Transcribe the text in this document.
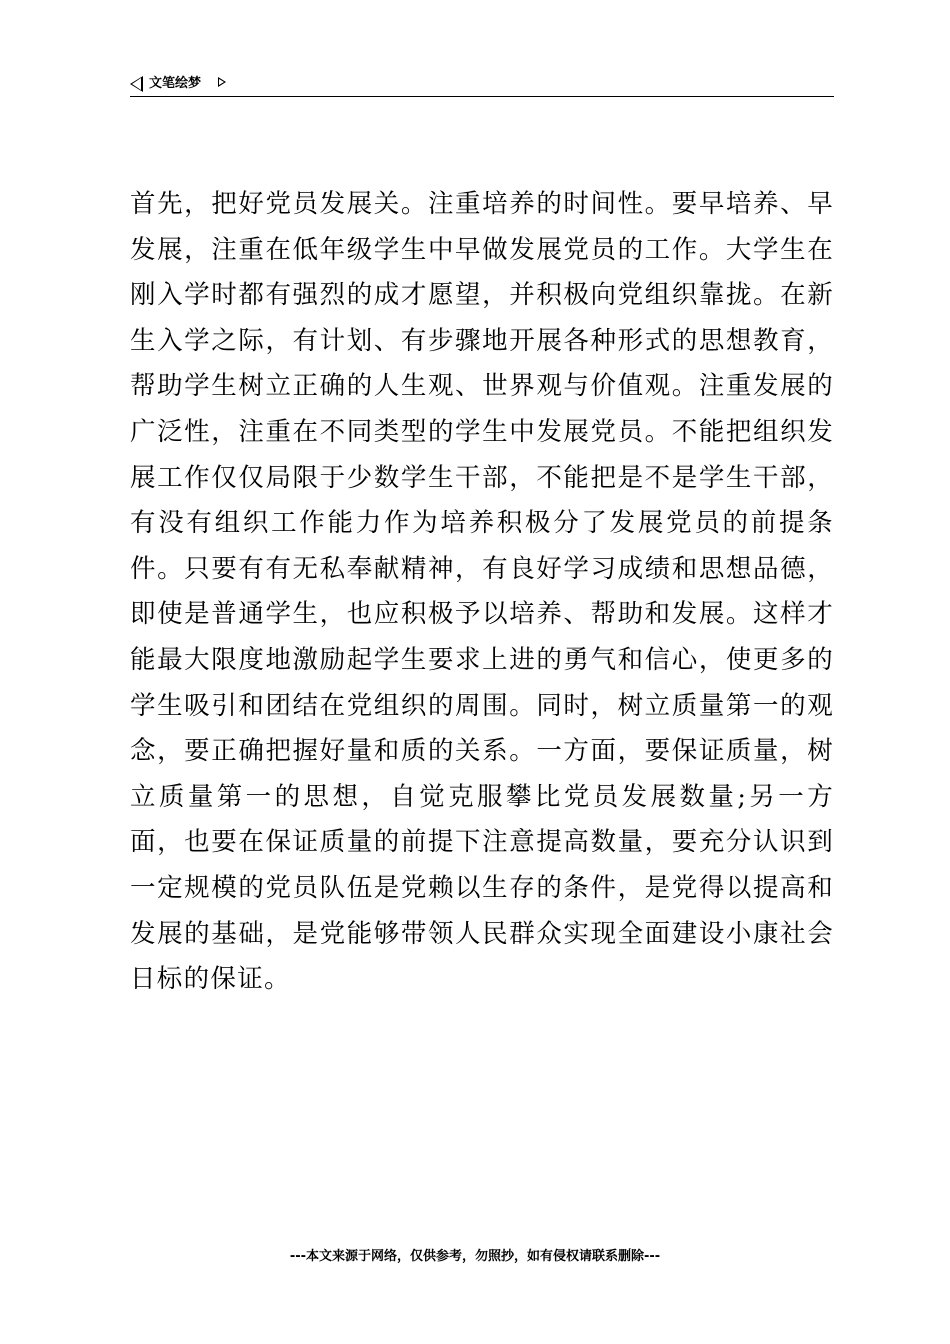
文笔绘梦

首先，把好党员发展关。注重培养的时间性。要早培养、早发展，注重在低年级学生中早做发展党员的工作。大学生在刚入学时都有强烈的成才愿望，并积极向党组织靠拢。在新生入学之际，有计划、有步骤地开展各种形式的思想教育，帮助学生树立正确的人生观、世界观与价值观。注重发展的广泛性，注重在不同类型的学生中发展党员。不能把组织发展工作仅仅局限于少数学生干部，不能把是不是学生干部，有没有组织工作能力作为培养积极分了发展党员的前提条件。只要有有无私奉献精神，有良好学习成绩和思想品德，即使是普通学生，也应积极予以培养、帮助和发展。这样才能最大限度地激励起学生要求上进的勇气和信心，使更多的学生吸引和团结在党组织的周围。同时，树立质量第一的观念，要正确把握好量和质的关系。一方面，要保证质量，树立质量第一的思想，自觉克服攀比党员发展数量;另一方面，也要在保证质量的前提下注意提高数量，要充分认识到一定规模的党员队伍是党赖以生存的条件，是党得以提高和发展的基础，是党能够带领人民群众实现全面建设小康社会日标的保证。

---本文来源于网络，仅供参考，勿照抄，如有侵权请联系删除---
